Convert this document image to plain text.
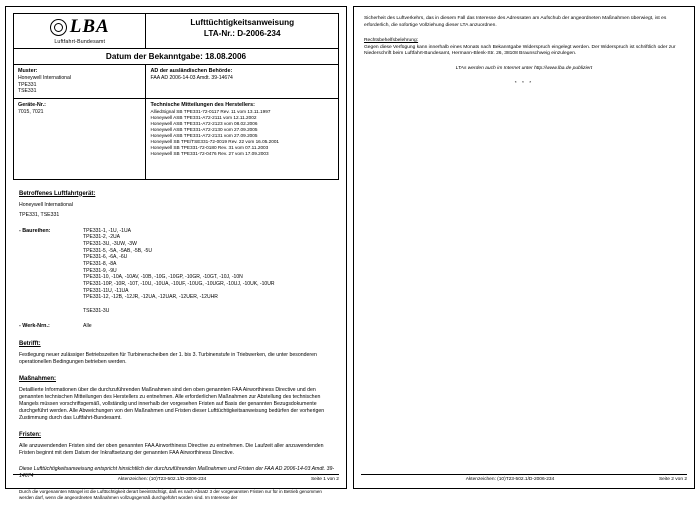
LBA
Luftfahrt-Bundesamt

Lufttüchtigkeitsanweisung
LTA-Nr.: D-2006-234

Datum der Bekanntgabe: 18.08.2006	

Muster:
Honeywell International
TPE331
TSE331	AD der ausländischen Behörde:
FAA AD 2006-14-03 Amdt. 39-14674

Geräte-Nr.:
7015, 7021

Technische Mitteilungen des Herstellers:
AlliedSignal SB TPE331-72-0117 Rev. 11 vom 13.11.1997
Honeywell ASB TPE331-A72-2111 vom 12.11.2002
Honeywell ASB TPE331-A72-2123 vom 08.02.2006
Honeywell ASB TPE331-A72-2130 vom 27.09.2005
Honeywell ASB TPE331-A72-2131 vom 27.09.2005
Honeywell SB TPE/TSE331-72-0019 Rev. 22 vom 16.05.2001
Honeywell SB TPE331-72-0180 Rev. 31 vom 07.11.2003
Honeywell SB TPE331-72-0476 Rev. 27 vom 17.09.2003
Betroffenes Luftfahrtgerät:
Honeywell International
TPE331, TSE331
- Baureihen:	TPE331-1, -1U, -1UA
TPE331-2, -2UA
TPE331-3U, -3UW, -3W
TPE331-5, -5A, -5AB, -5B, -5U
TPE331-6, -6A, -6U
TPE331-8, -8A
TPE331-9, -9U
TPE331-10, -10A, -10AV, -10B, -10G, -10GP, -10GR, -10GT, -10J, -10N
TPE331-10P, -10R, -10T, -10U, -10UA, -10UF, -10UG, -10UGR, -10UJ, -10UK, -10UR
TPE331-11U, -11UA
TPE331-12, -12B, -12JR, -12UA, -12UAR, -12UER, -12UHR

TSE331-3U
- Werk-Nrn.:	Alle
Betrifft:
Festlegung neuer zulässiger Betriebszeiten für Turbinenscheiben der 1. bis 3. Turbinenstufe in Triebwerken, die unter besonderen operationellen Bedingungen betrieben werden.
Maßnahmen:
Detaillierte Informationen über die durchzuführenden Maßnahmen sind den oben genannten FAA Airworthiness Directive und den genannten technischen Mitteilungen des Herstellers zu entnehmen. Alle erforderlichen Maßnahmen zur Abstellung des technischen Mangels müssen vorschriftsgemäß, vollständig und innerhalb der vorgesehen Fristen auf Basis der genannten Bezugsdokumente durchgeführt werden. Alle Abweichungen von den Maßnahmen und Fristen dieser Lufttüchtigkeitsanweisung bedürfen der vorherigen Zustimmung durch das Luftfahrt-Bundesamt.
Fristen:
Alle anzuwendenden Fristen sind der oben genannten FAA Airworthiness Directive zu entnehmen. Die Laufzeit aller anzuwendenden Fristen beginnt mit dem Datum der Inkraftsetzung der genannten FAA Airworthiness Directive.
Diese Lufttüchtigkeitsanweisung entspricht hinsichtlich der durchzuführenden Maßnahmen und Fristen der FAA AD 2006-14-03 Amdt. 39-14674
Durch die vorgenannten Mängel ist die Lufttüchtigkeit derart beeinträchtigt, daß es nach Absatz 3 der vorgenannten Fristen nur für in Betrieb genommen werden darf, wenn die angeordneten Maßnahmen vollzugsgemäß durchgeführt worden sind. Im Interesse der
Aktenzeichen: (10)T23-502.1/D-2006-234	Seite 1 von 2
Sicherheit des Luftverkehrs, das in diesem Fall das Interesse des Adressaten am Aufschub der angeordneten Maßnahmen überwiegt, ist es erforderlich, die sofortige Vollziehung dieser LTA anzuordnen.
Rechtsbehelfsbelehrung:
Gegen diese Verfügung kann innerhalb eines Monats nach Bekanntgabe Widerspruch eingelegt werden. Der Widerspruch ist schriftlich oder zur Niederschrift beim Luftfahrt-Bundesamt, Hermann-Blenk-Str. 26, 38108 Braunschweig einzulegen.
LTAs werden auch im Internet unter http://www.lba.de publiziert
* * *
Aktenzeichen: (10)T23-502.1/D-2006-234	Seite 2 von 2
